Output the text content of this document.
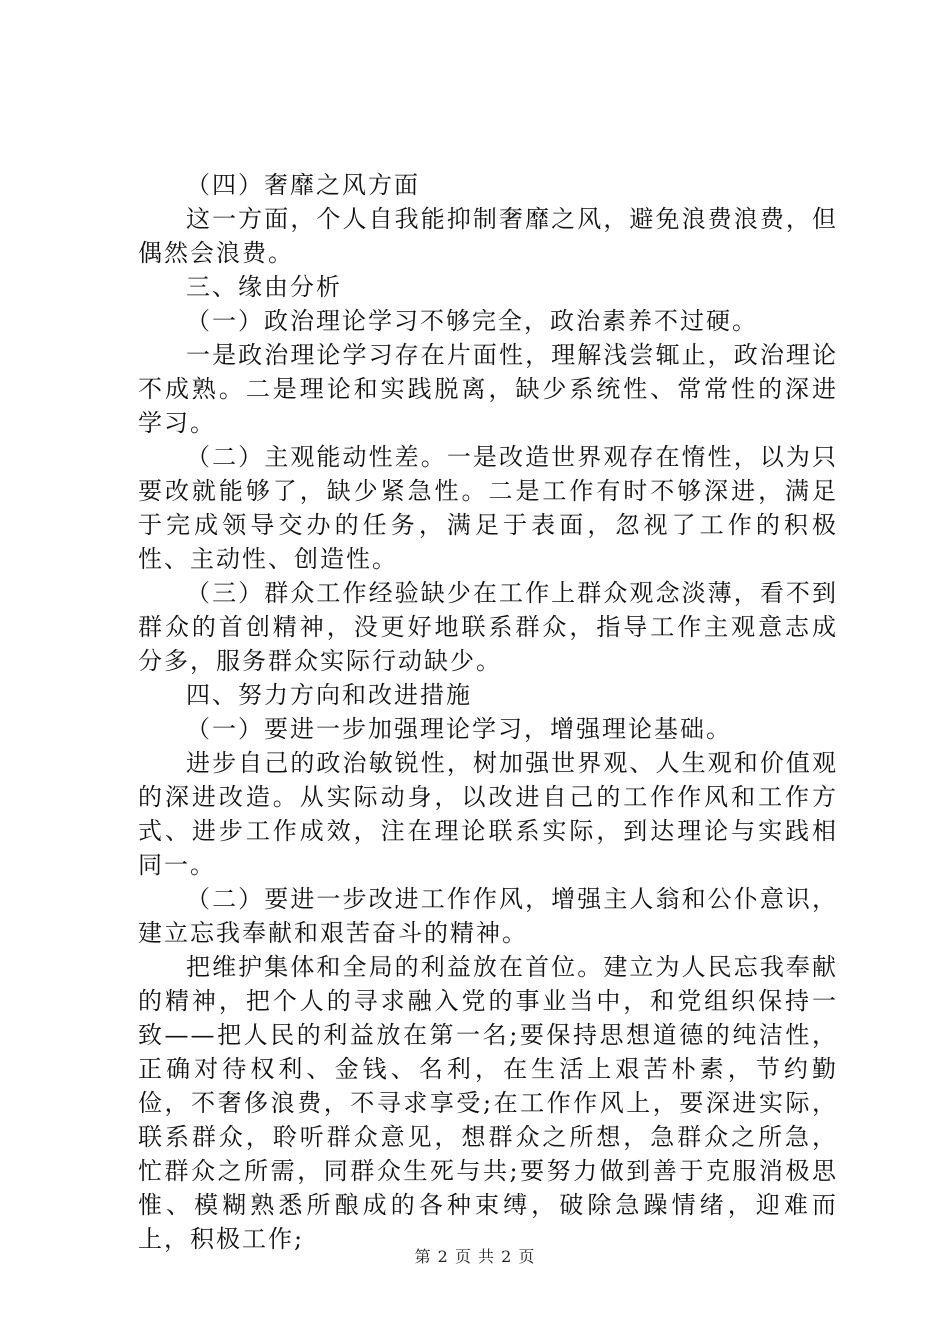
（四）奢靡之风方面

这一方面，个人自我能抑制奢靡之风，避免浪费浪费，但偶然会浪费。

三、缘由分析

（一）政治理论学习不够完全，政治素养不过硬。

一是政治理论学习存在片面性，理解浅尝辄止，政治理论不成熟。二是理论和实践脱离，缺少系统性、常常性的深进学习。

（二）主观能动性差。一是改造世界观存在惰性，以为只要改就能够了，缺少紧急性。二是工作有时不够深进，满足于完成领导交办的任务，满足于表面，忽视了工作的积极性、主动性、创造性。

（三）群众工作经验缺少在工作上群众观念淡薄，看不到群众的首创精神，没更好地联系群众，指导工作主观意志成分多，服务群众实际行动缺少。

四、努力方向和改进措施

（一）要进一步加强理论学习，增强理论基础。

进步自己的政治敏锐性，树加强世界观、人生观和价值观的深进改造。从实际动身，以改进自己的工作作风和工作方式、进步工作成效，注在理论联系实际，到达理论与实践相同一。

（二）要进一步改进工作作风，增强主人翁和公仆意识，建立忘我奉献和艰苦奋斗的精神。

把维护集体和全局的利益放在首位。建立为人民忘我奉献的精神，把个人的寻求融入党的事业当中，和党组织保持一致——把人民的利益放在第一名;要保持思想道德的纯洁性，正确对待权利、金钱、名利，在生活上艰苦朴素，节约勤俭，不奢侈浪费，不寻求享受;在工作作风上，要深进实际，联系群众，聆听群众意见，想群众之所想，急群众之所急，忙群众之所需，同群众生死与共;要努力做到善于克服消极思惟、模糊熟悉所酿成的各种束缚，破除急躁情绪，迎难而上，积极工作;

第 2 页 共 2 页
